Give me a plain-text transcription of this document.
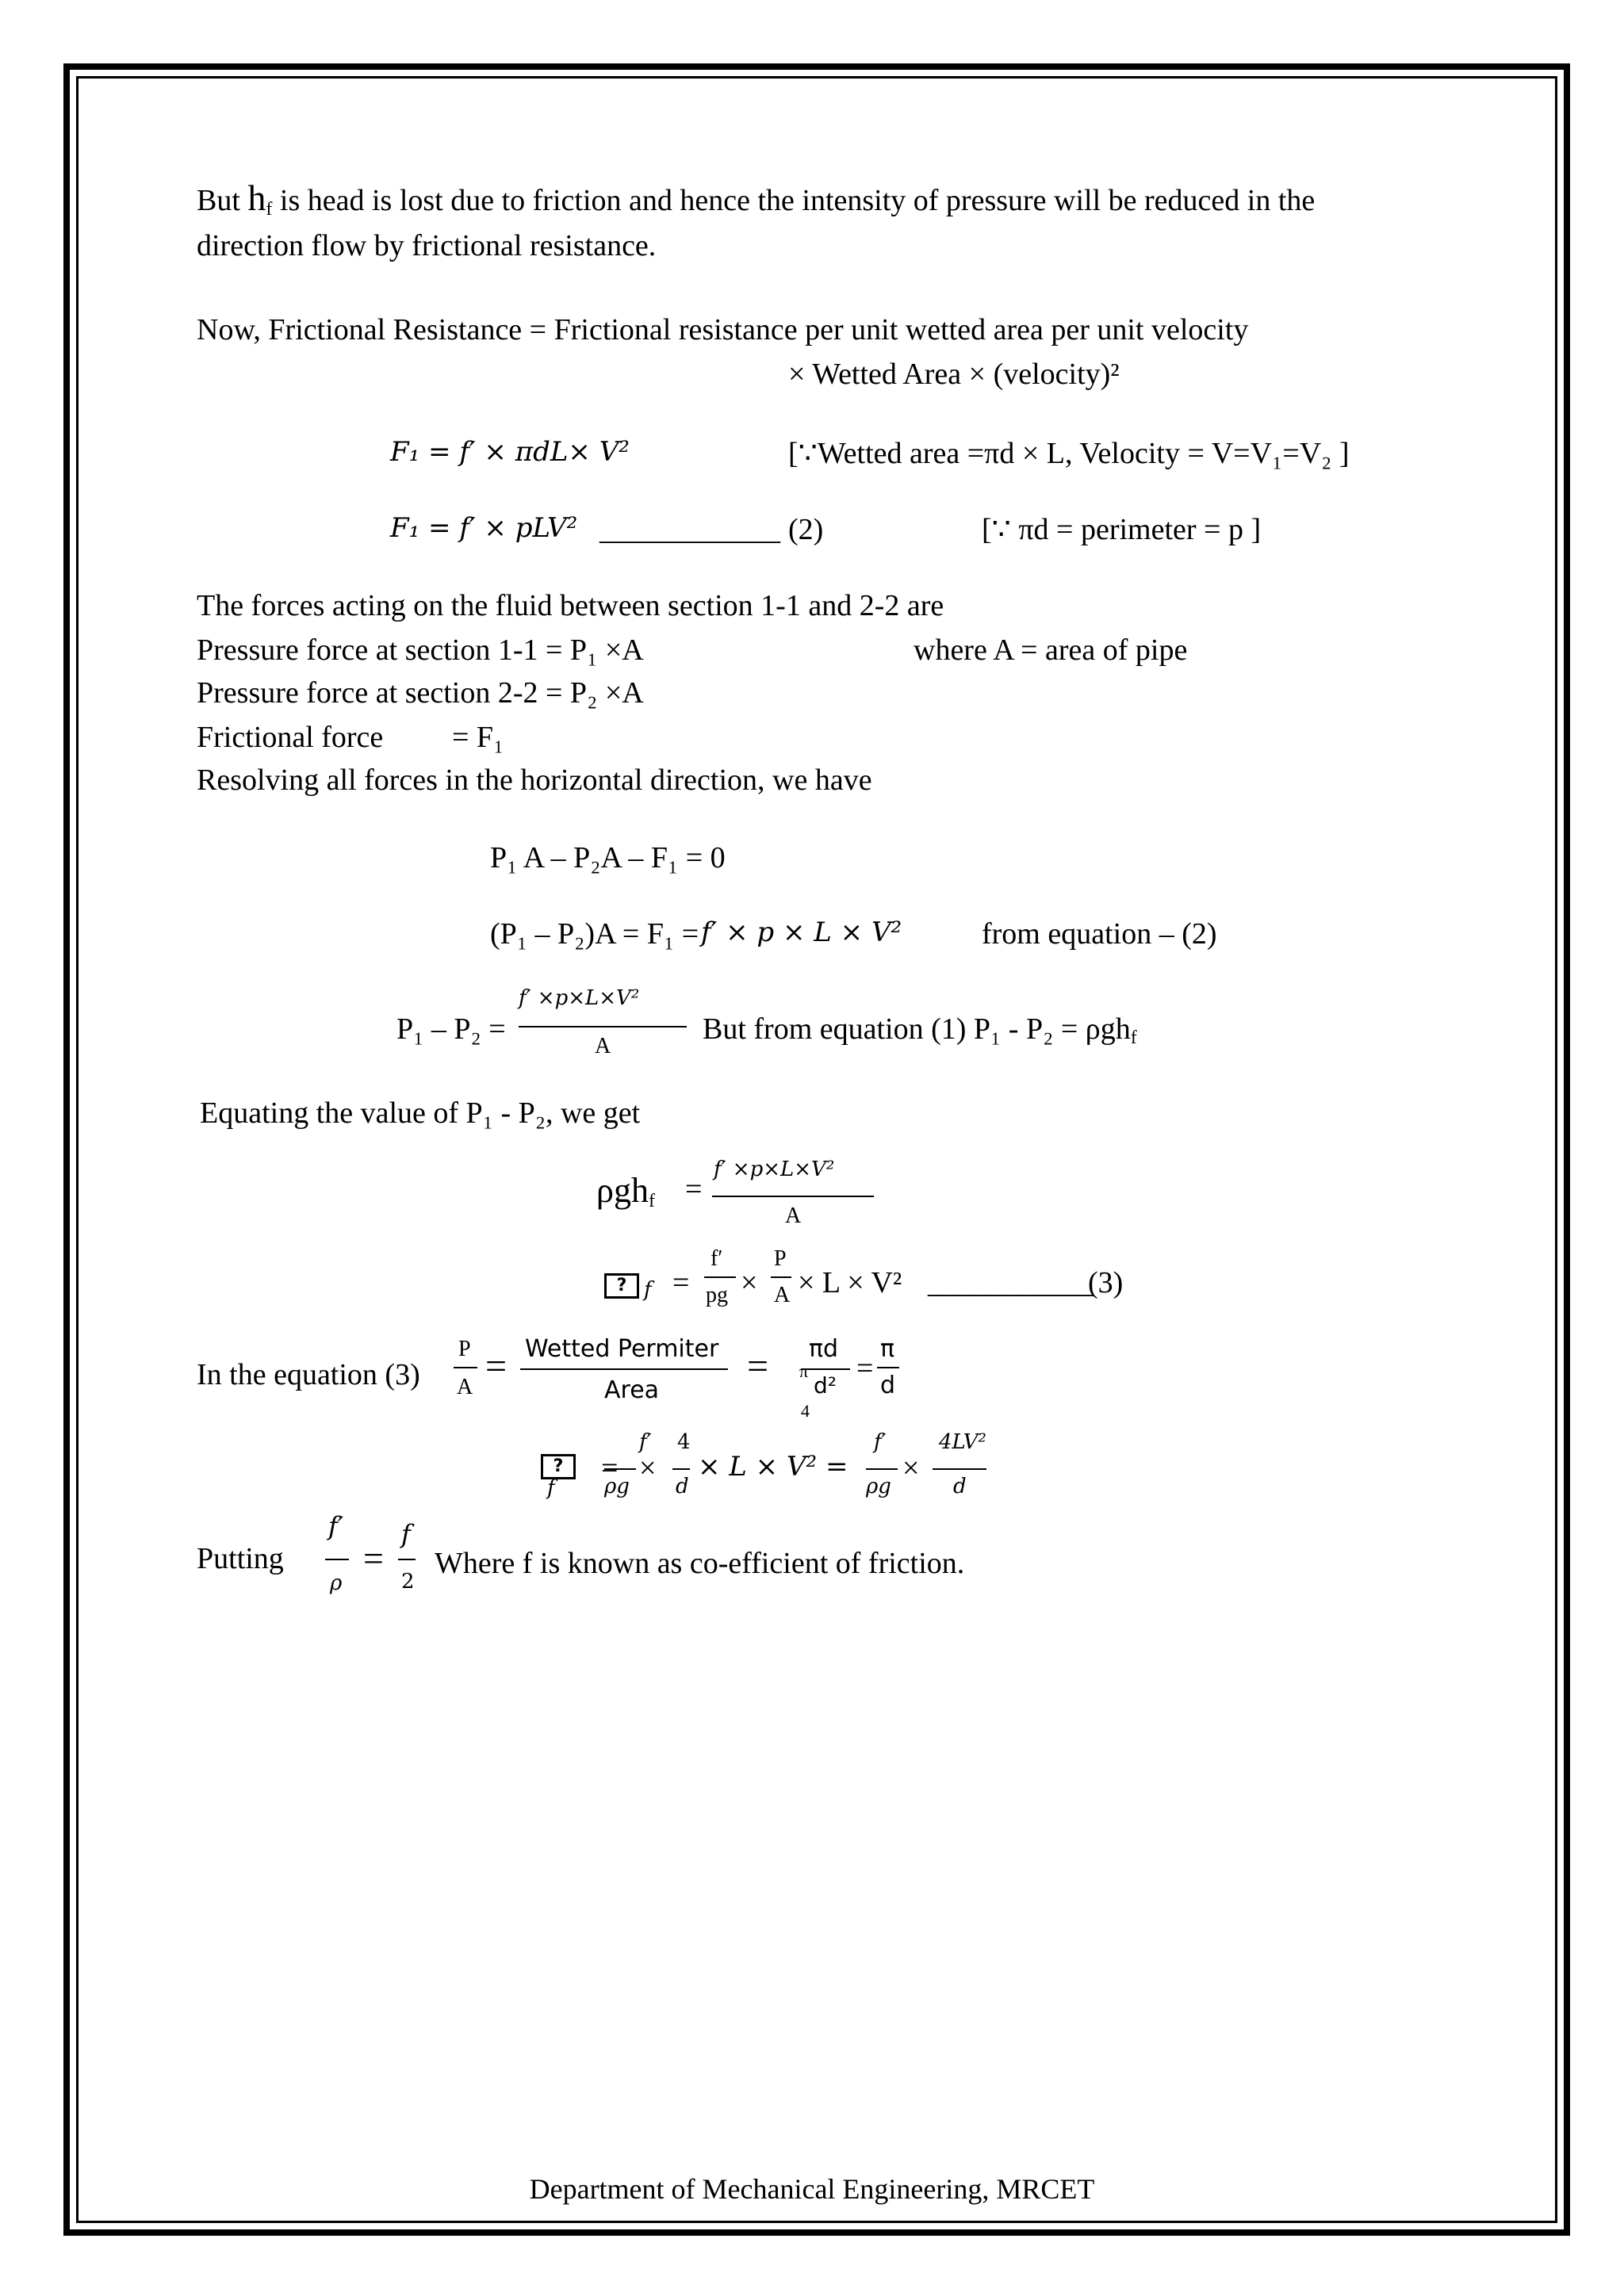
But $h_f$ is head is lost due to friction and hence the intensity of pressure will be reduced in the
direction flow by frictional resistance.
Now, Frictional Resistance = Frictional resistance per unit wetted area per unit velocity
× Wetted Area × (velocity)²
F₁ = f′ × πdL× V²	[∵Wetted area =πd × L, Velocity = V=V₁=V₂ ]
F₁ = f′ × pLV² ____________ (2)	[∵ πd = perimeter = p ]
The forces acting on the fluid between section 1-1 and 2-2 are
Pressure force at section 1-1 = P₁ ×A	where A = area of pipe
Pressure force at section 2-2 = P₂ ×A
Frictional force = F₁
Resolving all forces in the horizontal direction, we have
P₁ A – P₂A – F₁ = 0
(P₁ – P₂)A = F₁ = f′ × p × L × V²	from equation – (2)
P₁ – P₂ =
f′ ×p×L×V²
A
But from equation (1) P₁ - P₂ = ρgh$_f$
Equating the value of P₁ - P₂, we get
ρgh$_f$ =
f′ ×p×L×V²
A
? f =
f′
pg ×
P
A × L × V² ___________
(3)
In the equation (3)
P
A = Wetted Permiter
Area
= πd
π
d²
4
=
π
d
?
f
=
f′
ρg
×
4
d
× L × V² =
f′
ρg
×
4LV²
d
Putting
f′
ρ
=
f
2
Where f is known as co-efficient of friction.
Department of Mechanical Engineering, MRCET
